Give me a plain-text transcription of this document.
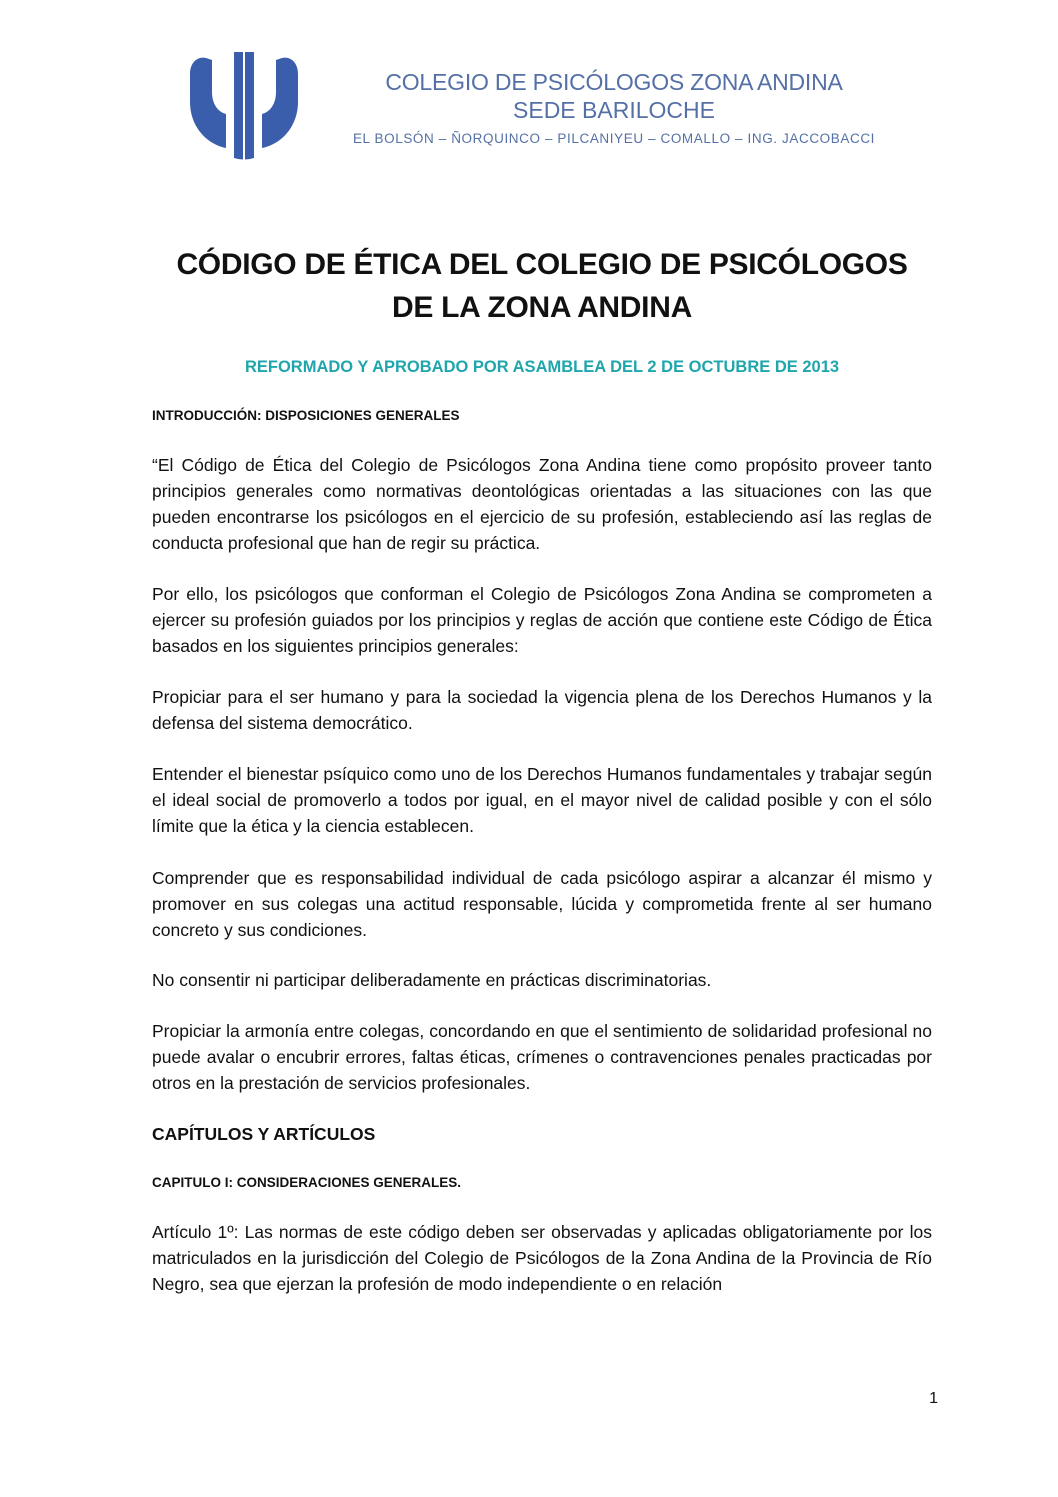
COLEGIO DE PSICÓLOGOS ZONA ANDINA
SEDE BARILOCHE
EL BOLSÓN – ÑORQUINCO – PILCANIYEU – COMALLO – ING. JACCOBACCI
CÓDIGO DE ÉTICA DEL COLEGIO DE PSICÓLOGOS
DE LA ZONA ANDINA
REFORMADO Y APROBADO POR ASAMBLEA DEL 2 DE OCTUBRE DE 2013
INTRODUCCIÓN: DISPOSICIONES GENERALES

“El Código de Ética del Colegio de Psicólogos Zona Andina tiene como propósito proveer tanto principios generales como normativas deontológicas orientadas a las situaciones con las que pueden encontrarse los psicólogos en el ejercicio de su profesión, estableciendo así las reglas de conducta profesional que han de regir su práctica.

Por ello, los psicólogos que conforman el Colegio de Psicólogos Zona Andina se comprometen a ejercer su profesión guiados por los principios y reglas de acción que contiene este Código de Ética basados en los siguientes principios generales:

Propiciar para el ser humano y para la sociedad la vigencia plena de los Derechos Humanos y la defensa del sistema democrático.

Entender el bienestar psíquico como uno de los Derechos Humanos fundamentales y trabajar según el ideal social de promoverlo a todos por igual, en el mayor nivel de calidad posible y con el sólo límite que la ética y la ciencia establecen.

Comprender que es responsabilidad individual de cada psicólogo aspirar a alcanzar él mismo y promover en sus colegas una actitud responsable, lúcida y comprometida frente al ser humano concreto y sus condiciones.

No consentir ni participar deliberadamente en prácticas discriminatorias.

Propiciar la armonía entre colegas, concordando en que el sentimiento de solidaridad profesional no puede avalar o encubrir errores, faltas éticas, crímenes o contravenciones penales practicadas por otros en la prestación de servicios profesionales.

CAPÍTULOS Y ARTÍCULOS
CAPITULO I: CONSIDERACIONES GENERALES.

Artículo 1º: Las normas de este código deben ser observadas y aplicadas obligatoriamente por los matriculados en la jurisdicción del Colegio de Psicólogos de la Zona Andina de la Provincia de Río Negro, sea que ejerzan la profesión de modo independiente o en relación

1
